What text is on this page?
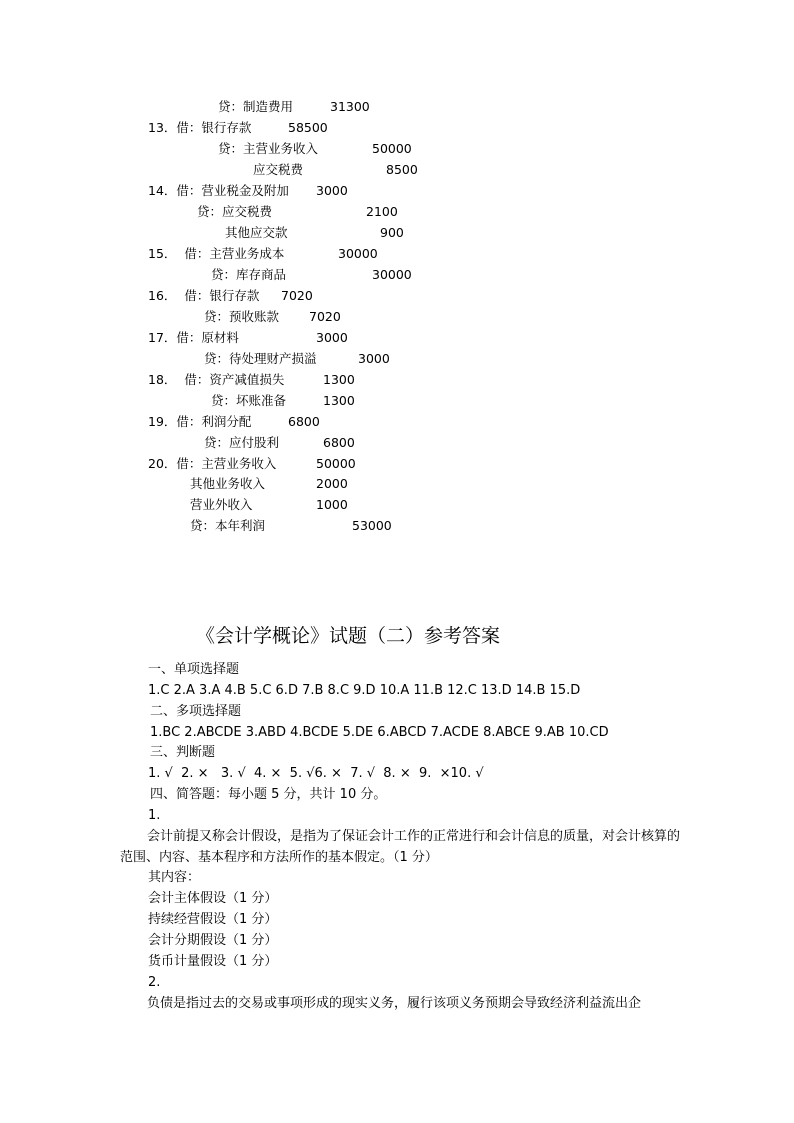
贷：制造费用	31300
13．借：银行存款	58500
贷：主营业务收入	50000
应交税费	8500
14．借：营业税金及附加 3000
贷：应交税费	2100
其他应交款	900
15．  借：主营业务成本	30000
贷：库存商品	30000
16．  借：银行存款 7020
贷：预收账款 7020
17．借：原材料	3000
贷：待处理财产损溢	3000
18．  借：资产减值损失	1300
贷：坏账准备	1300
19．借：利润分配	6800
贷：应付股利	6800
20．借：主营业务收入	50000
其他业务收入	2000
营业外收入	1000
贷：本年利润	53000
《会计学概论》试题（二）参考答案
一、单项选择题
1.C 2.A 3.A 4.B 5.C 6.D 7.B 8.C 9.D 10.A 11.B 12.C 13.D 14.B 15.D
二、多项选择题
1.BC 2.ABCDE 3.ABD 4.BCDE 5.DE 6.ABCD 7.ACDE 8.ABCE 9.AB 10.CD
三、判断题
1. √  2. ×   3. √  4. ×  5. √6. ×  7. √  8. ×  9.  ×10. √
四、简答题：每小题 5 分，共计 10 分。
1.
会计前提又称会计假设，是指为了保证会计工作的正常进行和会计信息的质量，对会计核算的范围、内容、基本程序和方法所作的基本假定。（1 分）
其内容：
会计主体假设（1 分）
持续经营假设（1 分）
会计分期假设（1 分）
货币计量假设（1 分）
2.
负债是指过去的交易或事项形成的现实义务，履行该项义务预期会导致经济利益流出企
